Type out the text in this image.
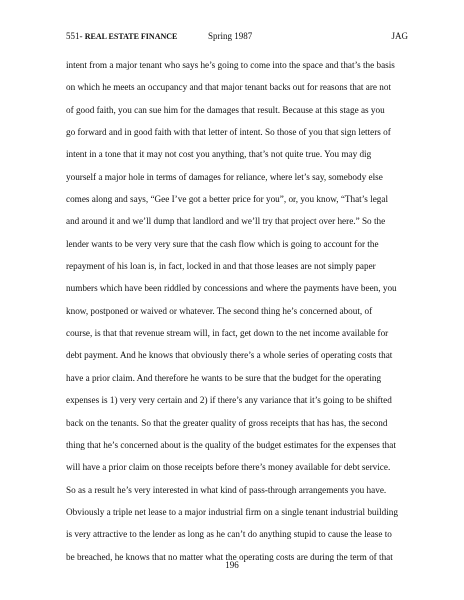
551- REAL ESTATE FINANCE	Spring 1987	JAG
intent from a major tenant who says he’s going to come into the space and that’s the basis
on which he meets an occupancy and that major tenant backs out for reasons that are not
of good faith, you can sue him for the damages that result. Because at this stage as you
go forward and in good faith with that letter of intent. So those of you that sign letters of
intent in a tone that it may not cost you anything, that’s not quite true. You may dig
yourself a major hole in terms of damages for reliance, where let’s say, somebody else
comes along and says, “Gee I’ve got a better price for you”, or, you know, “That’s legal
and around it and we’ll dump that landlord and we’ll try that project over here.” So the
lender wants to be very very sure that the cash flow which is going to account for the
repayment of his loan is, in fact, locked in and that those leases are not simply paper
numbers which have been riddled by concessions and where the payments have been, you
know, postponed or waived or whatever. The second thing he’s concerned about, of
course, is that that revenue stream will, in fact, get down to the net income available for
debt payment. And he knows that obviously there’s a whole series of operating costs that
have a prior claim. And therefore he wants to be sure that the budget for the operating
expenses is 1) very very certain and 2) if there’s any variance that it’s going to be shifted
back on the tenants. So that the greater quality of gross receipts that has has, the second
thing that he’s concerned about is the quality of the budget estimates for the expenses that
will have a prior claim on those receipts before there’s money available for debt service.
So as a result he’s very interested in what kind of pass-through arrangements you have.
Obviously a triple net lease to a major industrial firm on a single tenant industrial building
is very attractive to the lender as long as he can’t do anything stupid to cause the lease to
be breached, he knows that no matter what the operating costs are during the term of that
196
